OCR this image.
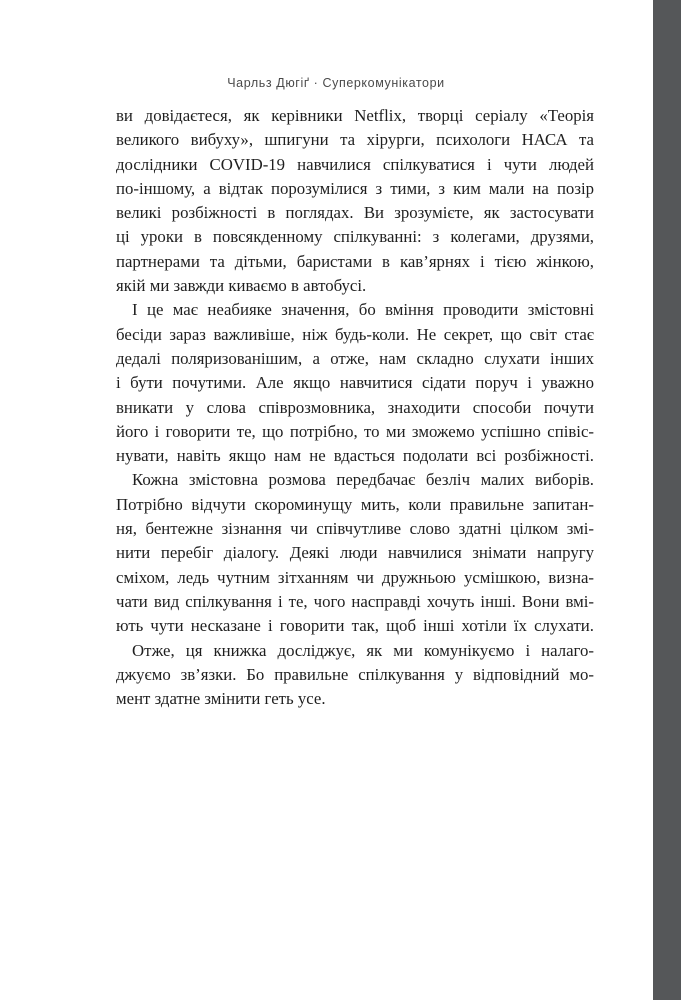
Чарльз Дюгіґ · Суперкомунікатори
ви довідаєтеся, як керівники Netflix, творці серіалу «Теорія
великого вибуху», шпигуни та хірурги, психологи НАСА та
дослідники COVID-19 навчилися спілкуватися і чути людей
по-іншому, а відтак порозумілися з тими, з ким мали на позір
великі розбіжності в поглядах. Ви зрозумієте, як застосувати
ці уроки в повсякденному спілкуванні: з колегами, друзями,
партнерами та дітьми, баристами в кав’ярнях і тією жінкою,
якій ми завжди киваємо в автобусі.
І це має неабияке значення, бо вміння проводити змістовні
бесіди зараз важливіше, ніж будь-коли. Не секрет, що світ стає
дедалі поляризованішим, а отже, нам складно слухати інших
і бути почутими. Але якщо навчитися сідати поруч і уважно
вникати у слова співрозмовника, знаходити способи почути
його і говорити те, що потрібно, то ми зможемо успішно співіс-
нувати, навіть якщо нам не вдасться подолати всі розбіжності.
Кожна змістовна розмова передбачає безліч малих виборів.
Потрібно відчути скороминущу мить, коли правильне запитан-
ня, бентежне зізнання чи співчутливе слово здатні цілком змі-
нити перебіг діалогу. Деякі люди навчилися знімати напругу
сміхом, ледь чутним зітханням чи дружньою усмішкою, визна-
чати вид спілкування і те, чого насправді хочуть інші. Вони вмі-
ють чути несказане і говорити так, щоб інші хотіли їх слухати.
Отже, ця книжка досліджує, як ми комунікуємо і налаго-
джуємо зв’язки. Бо правильне спілкування у відповідний мо-
мент здатне змінити геть усе.
